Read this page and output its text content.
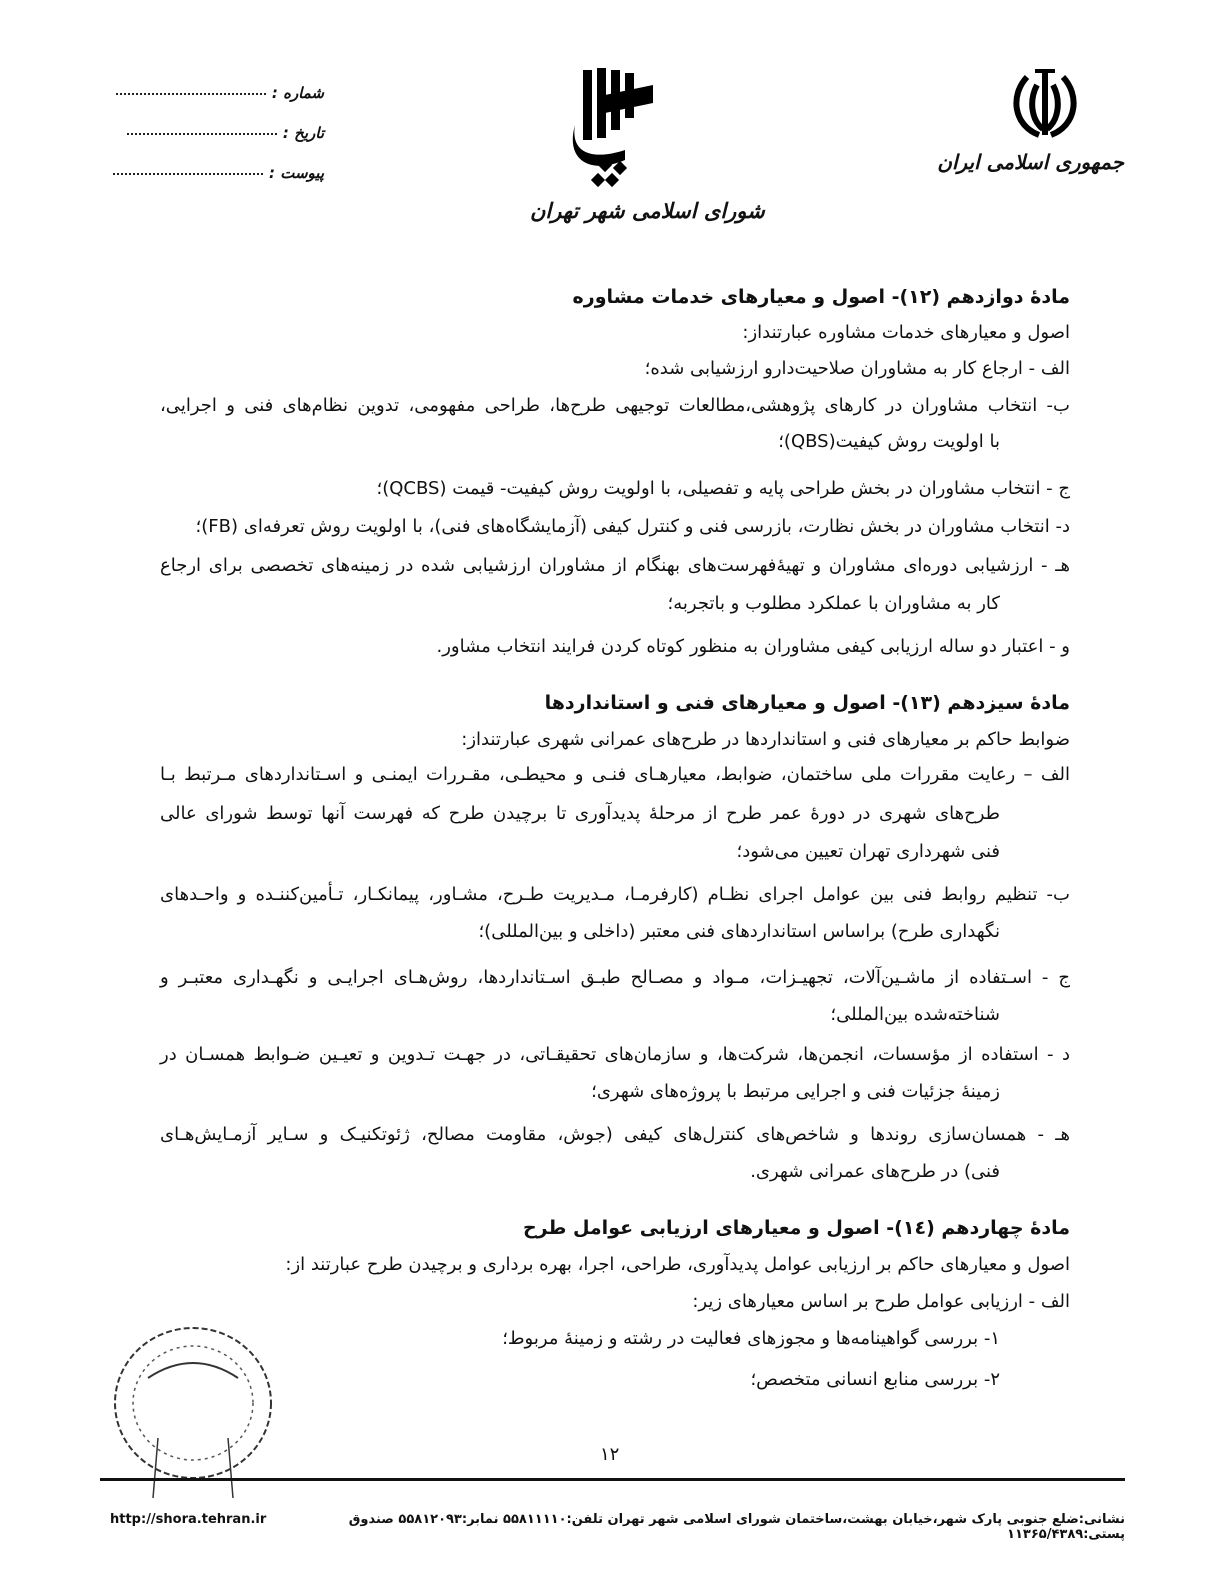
جمهوری اسلامی ایران
شورای اسلامی شهر تهران
شماره :
تاریخ :
پیوست :
مادهٔ دوازدهم (۱۲)- اصول و معیارهای خدمات مشاوره
اصول و معیارهای خدمات مشاوره عبارتنداز:
الف - ارجاع کار به مشاوران صلاحیت‌دارو ارزشیابی شده؛
ب- انتخاب مشاوران در کارهای پژوهشی،مطالعات توجیهی طرح‌ها، طراحی مفهومی، تدوین نظام‌های فنی و اجرایی،
با اولویت روش کیفیت(QBS)؛
ج - انتخاب مشاوران در بخش طراحی پایه و تفصیلی، با اولویت روش کیفیت- قیمت (QCBS)؛
د- انتخاب مشاوران در بخش نظارت، بازرسی فنی و کنترل کیفی (آزمایشگاه‌های فنی)، با اولویت روش تعرفه‌ای (FB)؛
هـ - ارزشیابی دوره‌ای مشاوران و تهیهٔ‌فهرست‌های بهنگام از مشاوران ارزشیابی شده در زمینه‌های تخصصی برای ارجاع
کار به مشاوران با عملکرد مطلوب و باتجربه؛
و - اعتبار دو ساله ارزیابی کیفی مشاوران به منظور کوتاه کردن فرایند انتخاب مشاور.
مادهٔ سیزدهم (۱۳)- اصول و معیارهای فنی و استانداردها
ضوابط حاکم بر معیارهای فنی و استانداردها در طرح‌های عمرانی شهری عبارتنداز:
الف – رعایت مقررات ملی ساختمان، ضوابط، معیارهـای فنـی و محیطـی، مقـررات ایمنـی و اسـتانداردهای مـرتبط بـا
طرح‌های شهری در دورهٔ عمر طرح از مرحلهٔ پدیدآوری تا برچیدن طرح که فهرست آنها توسط شورای عالی
فنی شهرداری تهران تعیین می‌شود؛
ب- تنظیم روابط فنی بین عوامل اجرای نظـام (کارفرمـا، مـدیریت طـرح، مشـاور، پیمانکـار، تـأمین‌کننـده و واحـدهای
نگهداری طرح) براساس استانداردهای فنی معتبر (داخلی و بین‌المللی)؛
ج - اسـتفاده از ماشـین‌آلات، تجهیـزات، مـواد و مصـالح طبـق اسـتانداردها، روش‌هـای اجرایـی و نگهـداری معتبـر و
شناخته‌شده بین‌المللی؛
د - استفاده از مؤسسات، انجمن‌ها، شرکت‌ها، و سازمان‌های تحقیقـاتی، در جهـت تـدوین و تعیـین ضـوابط همسـان در
زمینهٔ جزئیات فنی و اجرایی مرتبط با پروژه‌های شهری؛
هـ - همسان‌سازی روندها و شاخص‌های کنترل‌های کیفی (جوش، مقاومت مصالح، ژئوتکنیـک و سـایر آزمـایش‌هـای
فنی) در طرح‌های عمرانی شهری.
مادهٔ چهاردهم (۱٤)- اصول و معیارهای ارزیابی عوامل طرح
اصول و معیارهای حاکم بر ارزیابی عوامل پدیدآوری، طراحی، اجرا، بهره برداری و برچیدن طرح عبارتند از:
الف - ارزیابی عوامل طرح بر اساس معیارهای زیر:
۱- بررسی گواهینامه‌ها و مجوزهای فعالیت در رشته و زمینهٔ مربوط؛
۲- بررسی منابع انسانی متخصص؛
۱۲
http://shora.tehran.ir	نشانی:ضلع جنوبی پارک شهر،خیابان بهشت،ساختمان شورای اسلامی شهر تهران تلفن:۵۵۸۱۱۱۱۰ نمابر:۵۵۸۱۲۰۹۳ صندوق پستی:۱۱۳۶۵/۴۳۸۹
